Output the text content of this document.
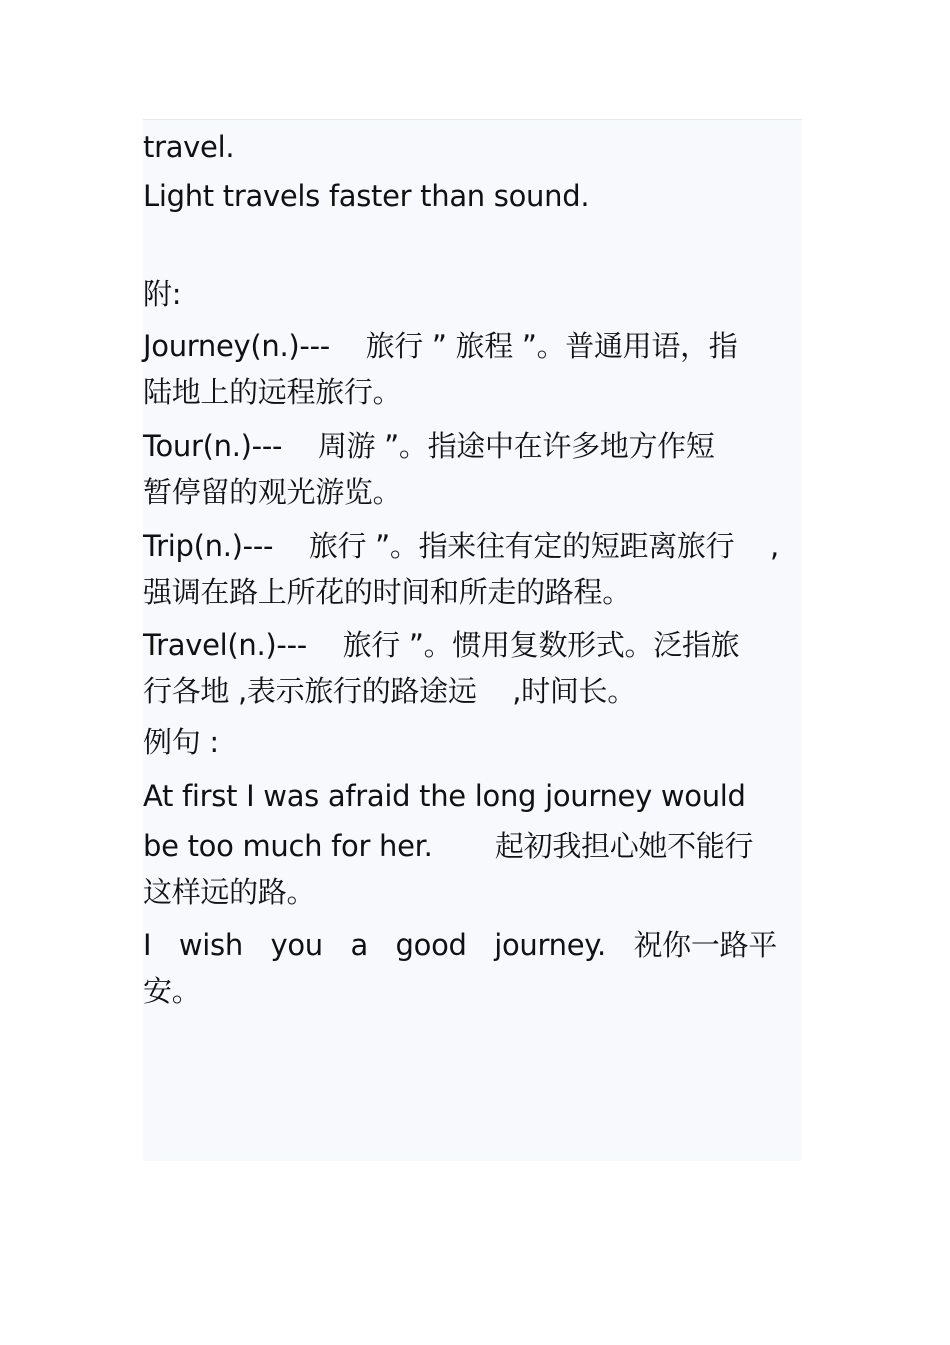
travel.

Light travels faster than sound.

附:

Journey(n.)---    旅行 ” 旅程 ”。普通用语，指

陆地上的远程旅行。

Tour(n.)---    周游 ”。指途中在许多地方作短

暂停留的观光游览。

Trip(n.)---    旅行 ”。指来往有定的短距离旅行    ,

强调在路上所花的时间和所走的路程。

Travel(n.)---    旅行 ”。惯用复数形式。泛指旅

行各地 ,表示旅行的路途远    ,时间长。

例句 :

At first I was afraid the long journey would

be too much for her.       起初我担心她不能行

这样远的路。

I wish you a good journey. 祝你一路平

安。
